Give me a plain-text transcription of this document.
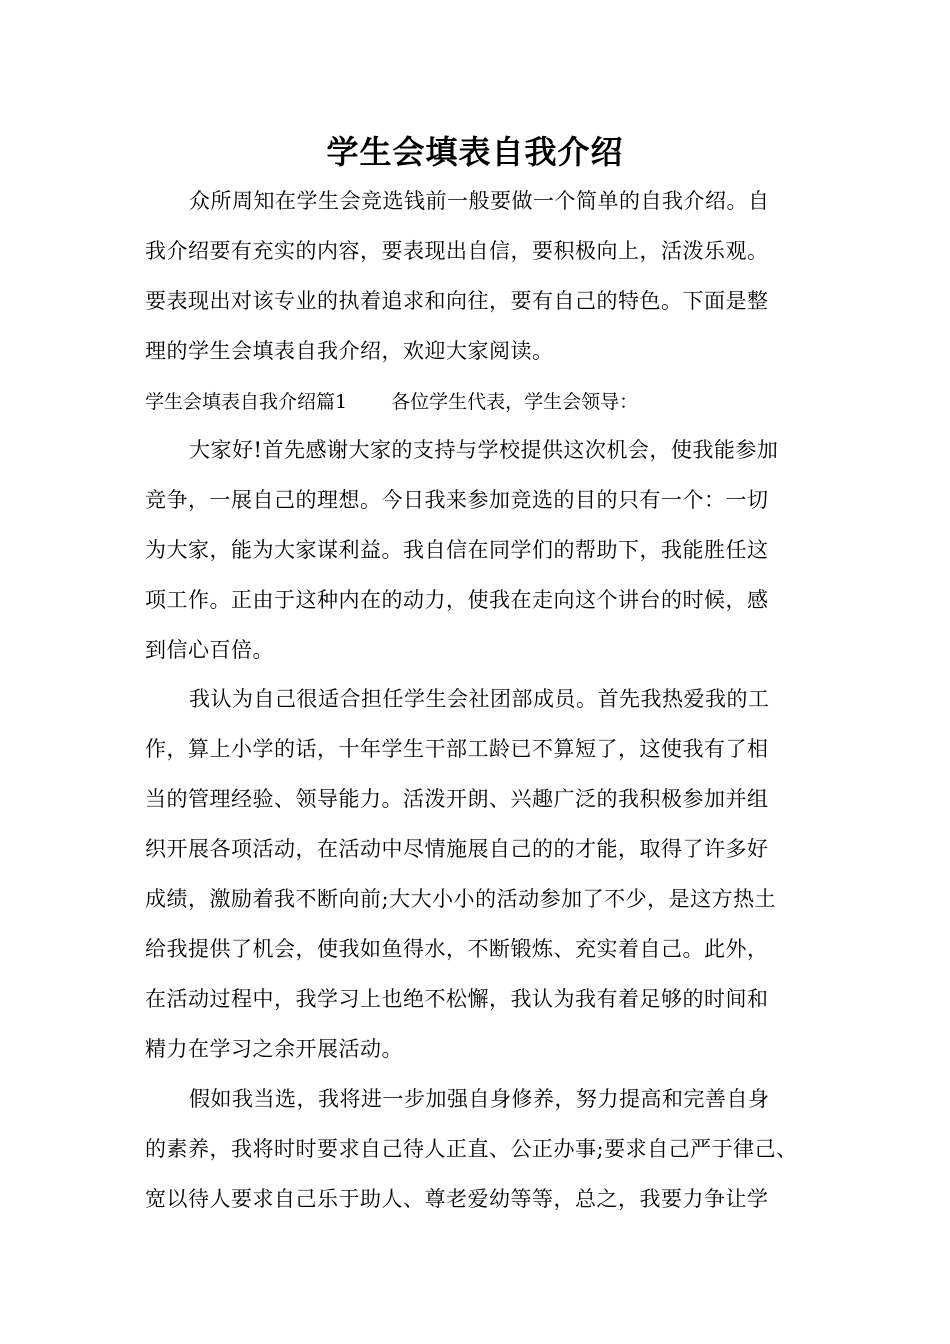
学生会填表自我介绍
众所周知在学生会竞选钱前一般要做一个简单的自我介绍。自
我介绍要有充实的内容，要表现出自信，要积极向上，活泼乐观。
要表现出对该专业的执着追求和向往，要有自己的特色。下面是整
理的学生会填表自我介绍，欢迎大家阅读。
学生会填表自我介绍篇1 各位学生代表，学生会领导：
大家好!首先感谢大家的支持与学校提供这次机会，使我能参加
竞争，一展自己的理想。今日我来参加竞选的目的只有一个：一切
为大家，能为大家谋利益。我自信在同学们的帮助下，我能胜任这
项工作。正由于这种内在的动力，使我在走向这个讲台的时候，感
到信心百倍。
我认为自己很适合担任学生会社团部成员。首先我热爱我的工
作，算上小学的话，十年学生干部工龄已不算短了，这使我有了相
当的管理经验、领导能力。活泼开朗、兴趣广泛的我积极参加并组
织开展各项活动，在活动中尽情施展自己的的才能，取得了许多好
成绩，激励着我不断向前;大大小小的活动参加了不少，是这方热土
给我提供了机会，使我如鱼得水，不断锻炼、充实着自己。此外，
在活动过程中，我学习上也绝不松懈，我认为我有着足够的时间和
精力在学习之余开展活动。
假如我当选，我将进一步加强自身修养，努力提高和完善自身
的素养，我将时时要求自己待人正直、公正办事;要求自己严于律己、
宽以待人要求自己乐于助人、尊老爱幼等等，总之，我要力争让学
